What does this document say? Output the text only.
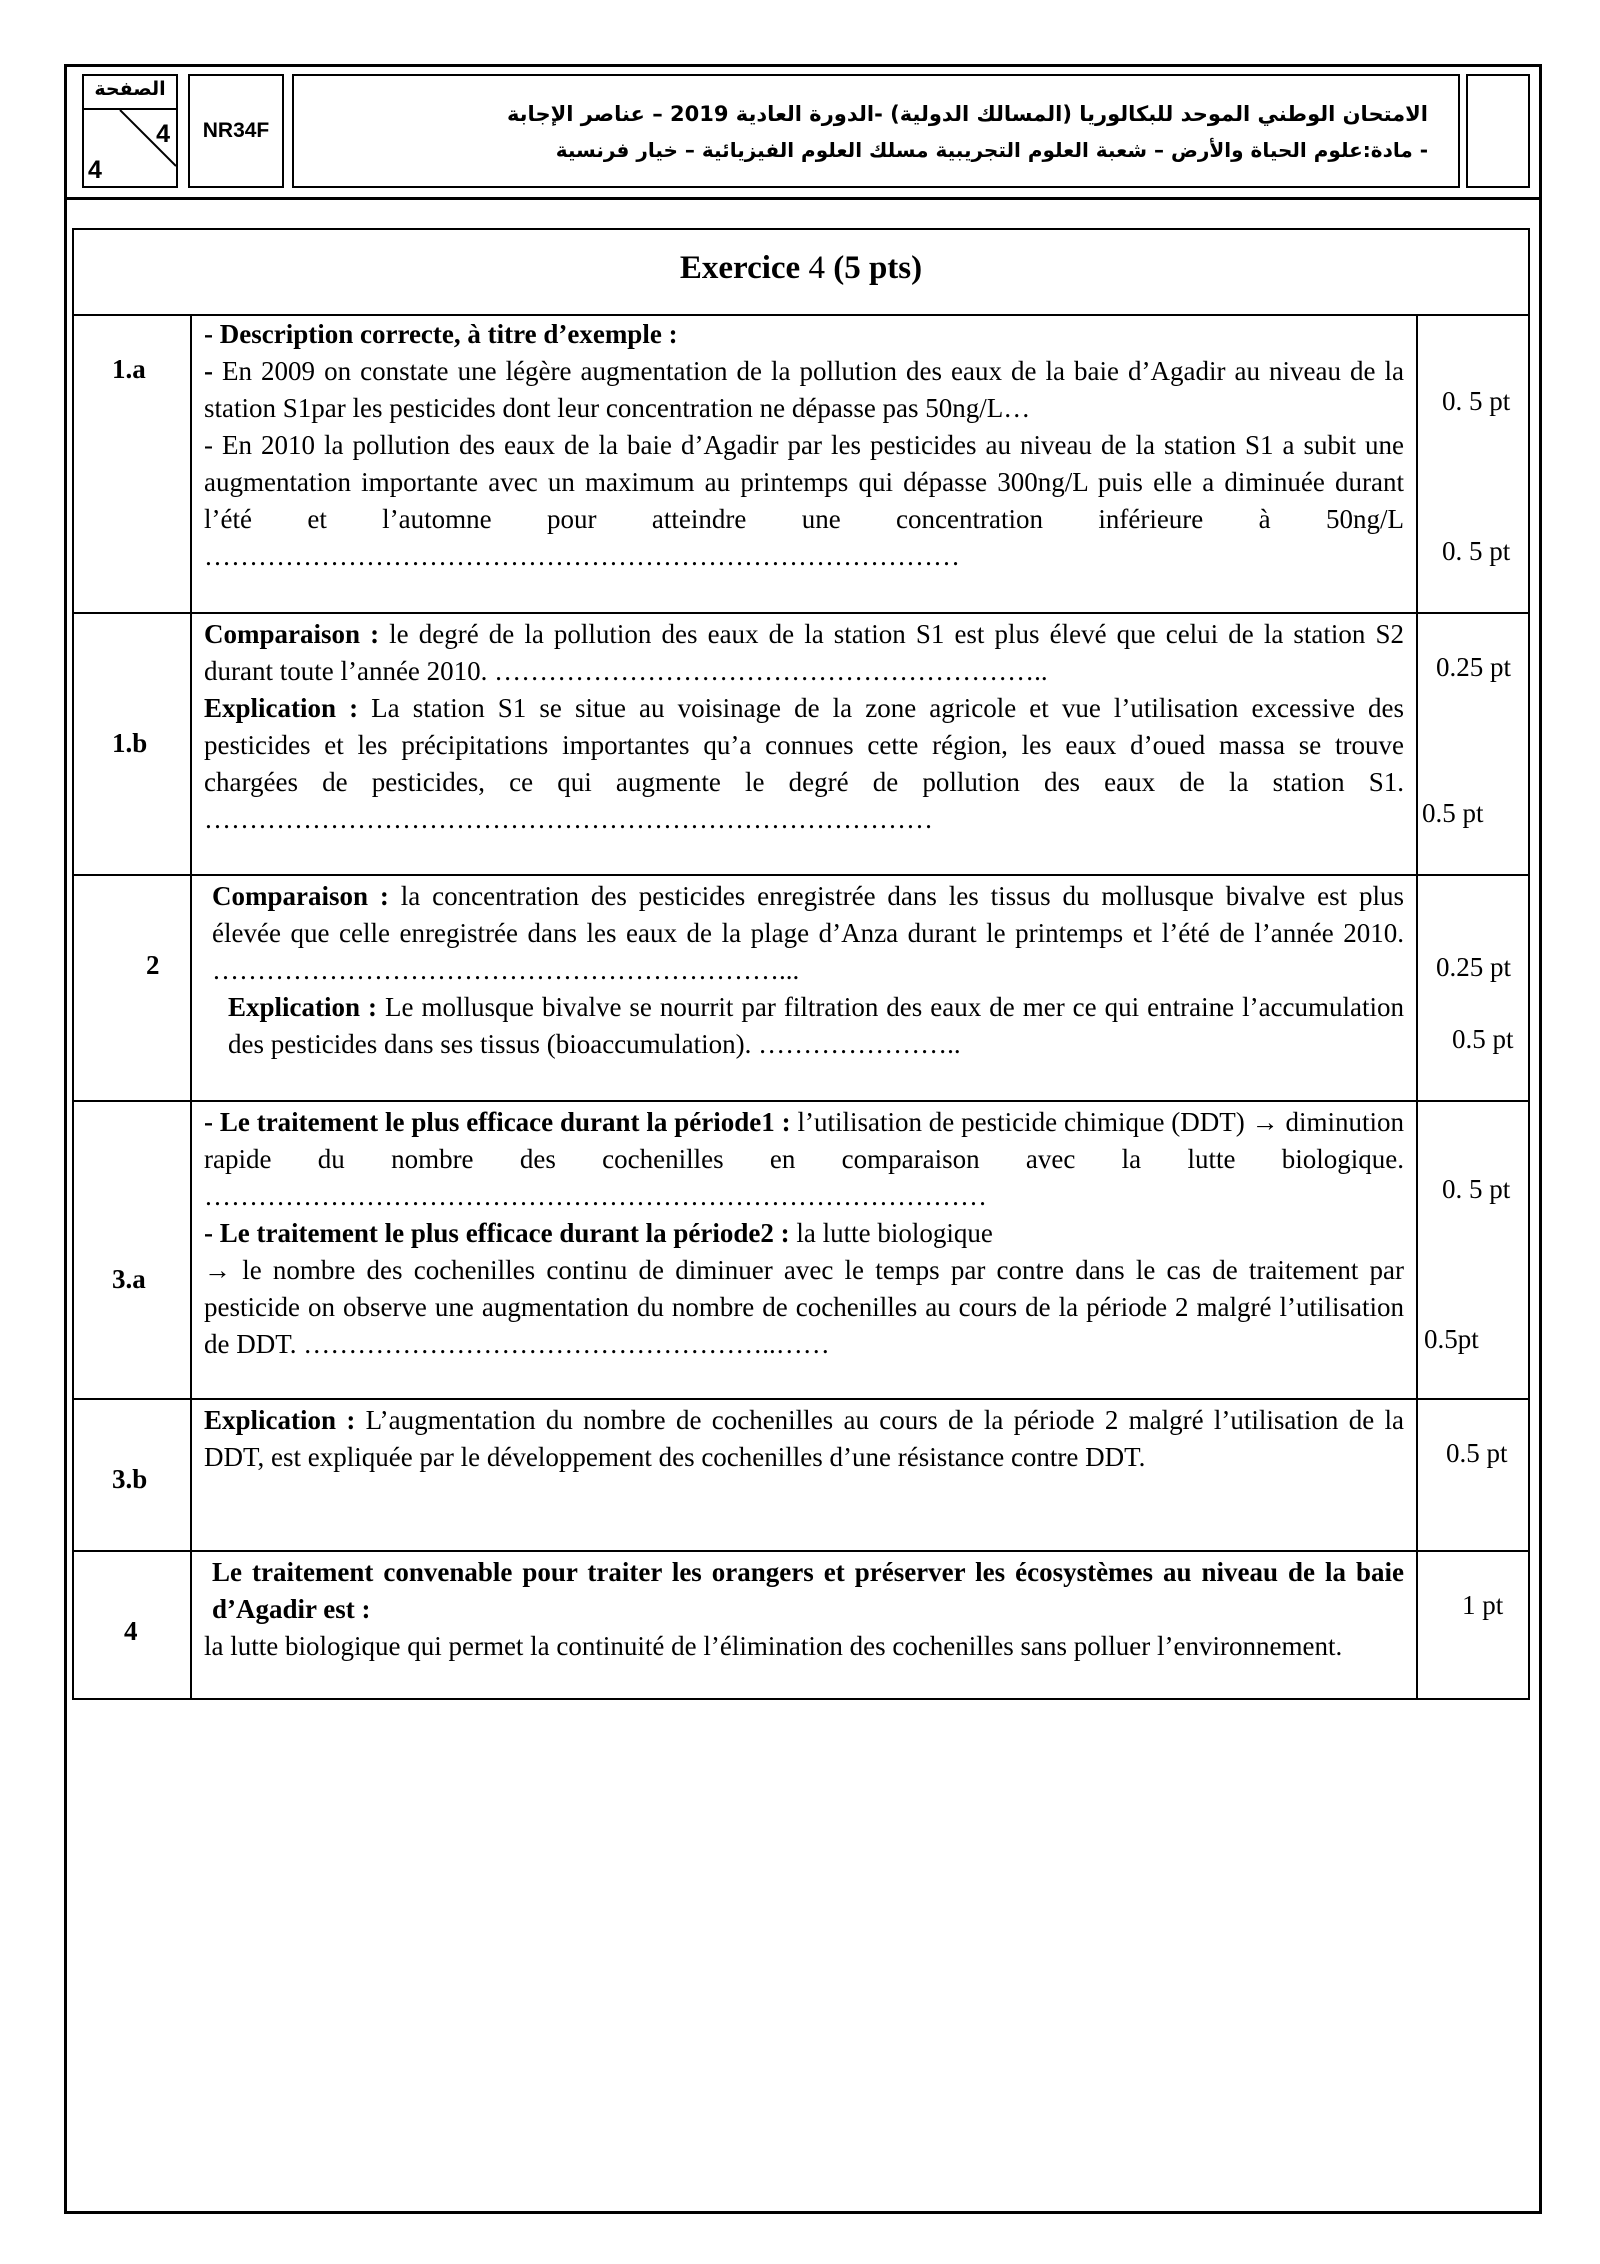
الصفحة
4
4
NR34F
الامتحان الوطني الموحد للبكالوريا (المسالك الدولية) -الدورة العادية 2019 – عناصر الإجابة
- مادة:علوم الحياة والأرض – شعبة العلوم التجريبية مسلك العلوم الفيزيائية – خيار فرنسية
Exercice 4 (5 pts)
1.a

- Description correcte, à titre d’exemple :

- En 2009 on constate une légère augmentation de la pollution des eaux de la baie d’Agadir au niveau de la station S1par les pesticides dont leur concentration ne dépasse pas 50ng/L…

- En 2010 la pollution des eaux de la baie d’Agadir par les pesticides au niveau de la station S1 a subit une augmentation importante avec un maximum au printemps qui dépasse 300ng/L puis elle a diminuée durant l’été et l’automne pour atteindre une concentration inférieure à 50ng/L …………………………………………………………………………

0. 5 pt
0. 5 pt
1.b

Comparaison : le degré de la pollution des eaux de la station S1 est plus élevé que celui de la station S2 durant toute l’année 2010. ……………………………………………………..

Explication : La station S1 se situe au voisinage de la zone agricole et vue l’utilisation excessive des pesticides et les précipitations importantes qu’a connues cette région, les eaux d’oued massa se trouve chargées de pesticides, ce qui augmente le degré de pollution des eaux de la station S1. ………………………………………………………………………

0.25 pt
0.5 pt
2

Comparaison : la concentration des pesticides enregistrée dans les tissus du mollusque bivalve est plus élevée que celle enregistrée dans les eaux de la plage d’Anza durant le printemps et l’été de l’année 2010. ………………………………………………………...

Explication : Le mollusque bivalve se nourrit par filtration des eaux de mer ce qui entraine l’accumulation des pesticides dans ses tissus (bioaccumulation). …………………..

0.25 pt
0.5 pt
3.a

- Le traitement le plus efficace durant la période1 : l’utilisation de pesticide chimique (DDT) → diminution rapide du nombre des cochenilles en comparaison avec la lutte biologique. ……………………………………………………………………………

- Le traitement le plus efficace durant la période2 : la lutte biologique

→ le nombre des cochenilles continu de diminuer avec le temps par contre dans le cas de traitement par pesticide on observe une augmentation du nombre de cochenilles au cours de la période 2 malgré l’utilisation de DDT. ……………………………………………..……

0. 5 pt
0.5pt
3.b

Explication : L’augmentation du nombre de cochenilles au cours de la période 2 malgré l’utilisation de la DDT, est expliquée par le développement des cochenilles d’une résistance contre DDT.	0.5 pt
4

Le traitement convenable pour traiter les orangers et préserver les écosystèmes au niveau de la baie d’Agadir est :

la lutte biologique qui permet la continuité de l’élimination des cochenilles sans polluer l’environnement.

1 pt
